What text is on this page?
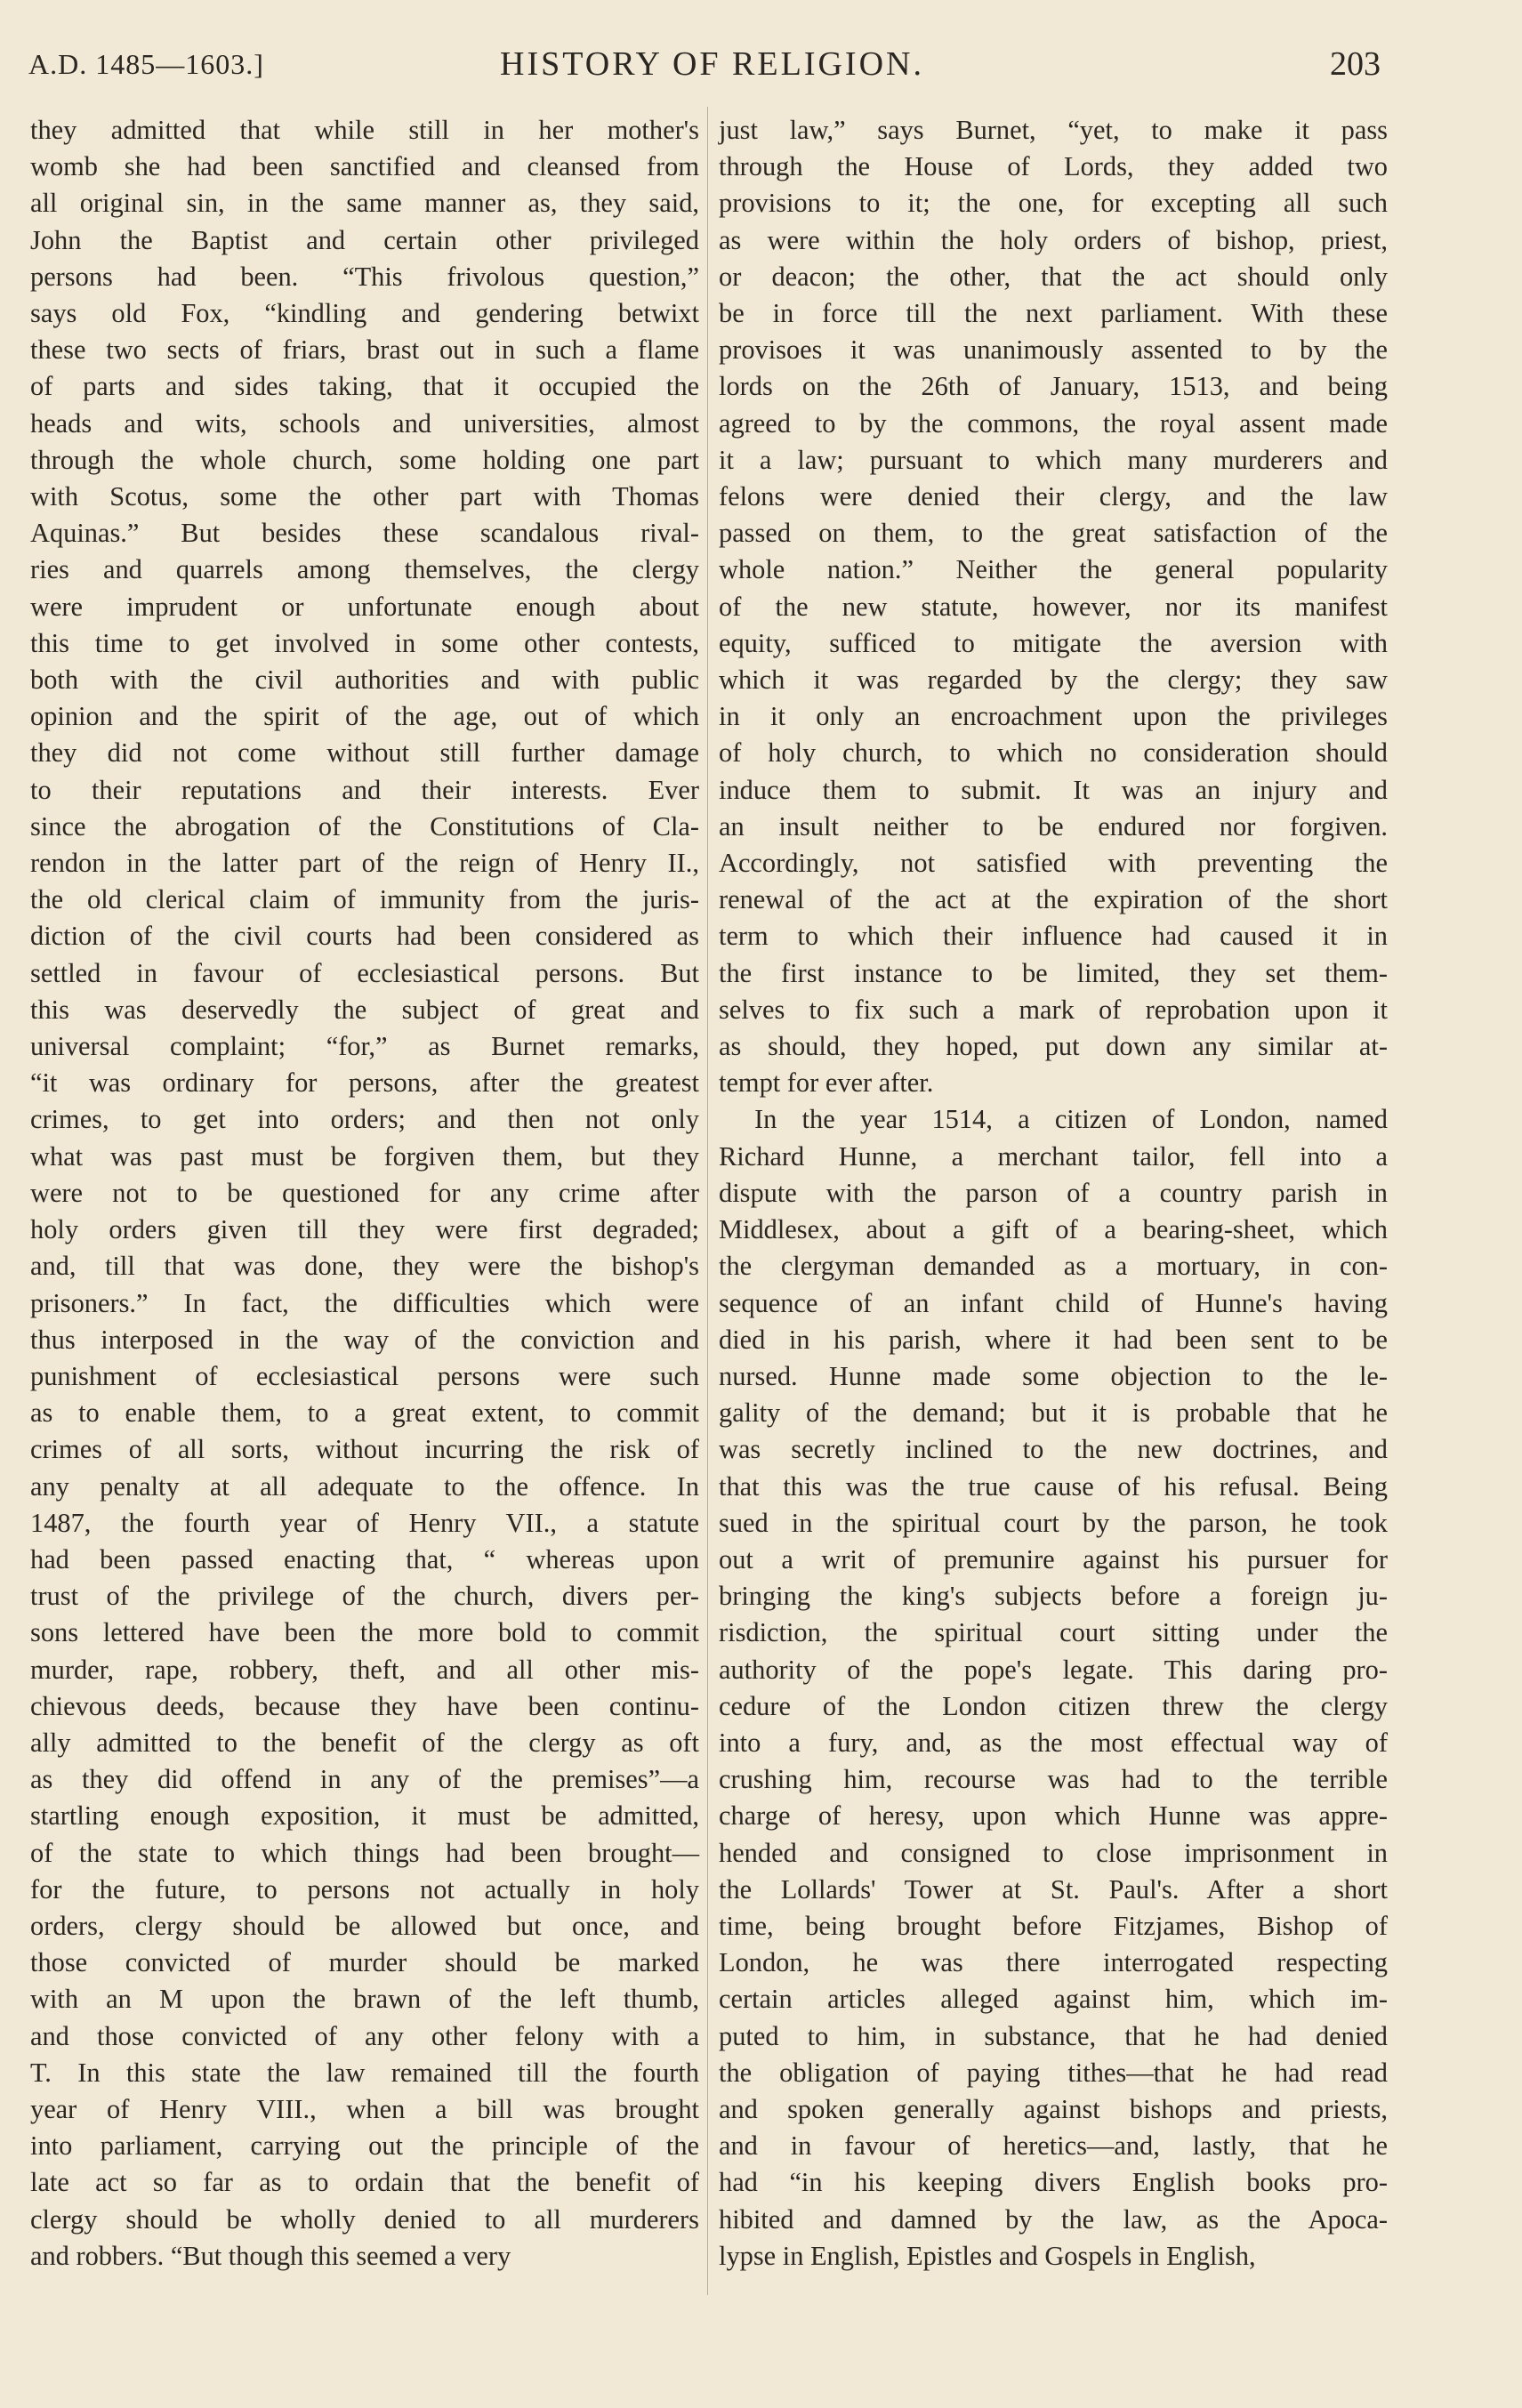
A.D. 1485—1603.]	HISTORY OF RELIGION.	203
they admitted that while still in her mother's
womb she had been sanctified and cleansed from
all original sin, in the same manner as, they said,
John the Baptist and certain other privileged
persons had been. “This frivolous question,”
says old Fox, “kindling and gendering betwixt
these two sects of friars, brast out in such a flame
of parts and sides taking, that it occupied the
heads and wits, schools and universities, almost
through the whole church, some holding one part
with Scotus, some the other part with Thomas
Aquinas.” But besides these scandalous rival-
ries and quarrels among themselves, the clergy
were imprudent or unfortunate enough about
this time to get involved in some other contests,
both with the civil authorities and with public
opinion and the spirit of the age, out of which
they did not come without still further damage
to their reputations and their interests. Ever
since the abrogation of the Constitutions of Cla-
rendon in the latter part of the reign of Henry II.,
the old clerical claim of immunity from the juris-
diction of the civil courts had been considered as
settled in favour of ecclesiastical persons. But
this was deservedly the subject of great and
universal complaint; “for,” as Burnet remarks,
“it was ordinary for persons, after the greatest
crimes, to get into orders; and then not only
what was past must be forgiven them, but they
were not to be questioned for any crime after
holy orders given till they were first degraded;
and, till that was done, they were the bishop's
prisoners.” In fact, the difficulties which were
thus interposed in the way of the conviction and
punishment of ecclesiastical persons were such
as to enable them, to a great extent, to commit
crimes of all sorts, without incurring the risk of
any penalty at all adequate to the offence. In
1487, the fourth year of Henry VII., a statute
had been passed enacting that, “ whereas upon
trust of the privilege of the church, divers per-
sons lettered have been the more bold to commit
murder, rape, robbery, theft, and all other mis-
chievous deeds, because they have been continu-
ally admitted to the benefit of the clergy as oft
as they did offend in any of the premises”—a
startling enough exposition, it must be admitted,
of the state to which things had been brought—
for the future, to persons not actually in holy
orders, clergy should be allowed but once, and
those convicted of murder should be marked
with an M upon the brawn of the left thumb,
and those convicted of any other felony with a
T. In this state the law remained till the fourth
year of Henry VIII., when a bill was brought
into parliament, carrying out the principle of the
late act so far as to ordain that the benefit of
clergy should be wholly denied to all murderers
and robbers. “But though this seemed a very
just law,” says Burnet, “yet, to make it pass
through the House of Lords, they added two
provisions to it; the one, for excepting all such
as were within the holy orders of bishop, priest,
or deacon; the other, that the act should only
be in force till the next parliament. With these
provisoes it was unanimously assented to by the
lords on the 26th of January, 1513, and being
agreed to by the commons, the royal assent made
it a law; pursuant to which many murderers and
felons were denied their clergy, and the law
passed on them, to the great satisfaction of the
whole nation.” Neither the general popularity
of the new statute, however, nor its manifest
equity, sufficed to mitigate the aversion with
which it was regarded by the clergy; they saw
in it only an encroachment upon the privileges
of holy church, to which no consideration should
induce them to submit. It was an injury and
an insult neither to be endured nor forgiven.
Accordingly, not satisfied with preventing the
renewal of the act at the expiration of the short
term to which their influence had caused it in
the first instance to be limited, they set them-
selves to fix such a mark of reprobation upon it
as should, they hoped, put down any similar at-
tempt for ever after.
In the year 1514, a citizen of London, named
Richard Hunne, a merchant tailor, fell into a
dispute with the parson of a country parish in
Middlesex, about a gift of a bearing-sheet, which
the clergyman demanded as a mortuary, in con-
sequence of an infant child of Hunne's having
died in his parish, where it had been sent to be
nursed. Hunne made some objection to the le-
gality of the demand; but it is probable that he
was secretly inclined to the new doctrines, and
that this was the true cause of his refusal. Being
sued in the spiritual court by the parson, he took
out a writ of premunire against his pursuer for
bringing the king's subjects before a foreign ju-
risdiction, the spiritual court sitting under the
authority of the pope's legate. This daring pro-
cedure of the London citizen threw the clergy
into a fury, and, as the most effectual way of
crushing him, recourse was had to the terrible
charge of heresy, upon which Hunne was appre-
hended and consigned to close imprisonment in
the Lollards' Tower at St. Paul's. After a short
time, being brought before Fitzjames, Bishop of
London, he was there interrogated respecting
certain articles alleged against him, which im-
puted to him, in substance, that he had denied
the obligation of paying tithes—that he had read
and spoken generally against bishops and priests,
and in favour of heretics—and, lastly, that he
had “in his keeping divers English books pro-
hibited and damned by the law, as the Apoca-
lypse in English, Epistles and Gospels in English,
